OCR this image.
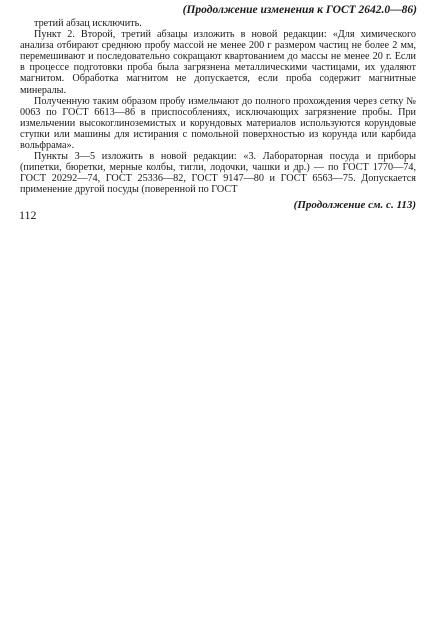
(Продолжение изменения к ГОСТ 2642.0—86)

третий абзац исключить.

Пункт 2. Второй, третий абзацы изложить в новой редакции: «Для химического анализа отбирают среднюю пробу массой не менее 200 г размером частиц не более 2 мм, перемешивают и последовательно сокращают квартованием до массы не менее 20 г. Если в процессе подготовки проба была загрязнена металлическими частицами, их удаляют магнитом. Обработка магнитом не допускается, если проба содержит магнитные минералы.

Полученную таким образом пробу измельчают до полного прохождения через сетку № 0063 по ГОСТ 6613—86 в приспособлениях, исключающих загрязнение пробы. При измельчении высокоглиноземистых и корундовых материалов используются корундовые ступки или машины для истирания с помольной поверхностью из корунда или карбида вольфрама».

Пункты 3—5 изложить в новой редакции: «3. Лабораторная посуда и приборы (пипетки, бюретки, мерные колбы, тигли, лодочки, чашки и др.) — по ГОСТ 1770—74, ГОСТ 20292—74, ГОСТ 25336—82, ГОСТ 9147—80 и ГОСТ 6563—75. Допускается применение другой посуды (поверенной по ГОСТ

(Продолжение см. с. 113)
112
